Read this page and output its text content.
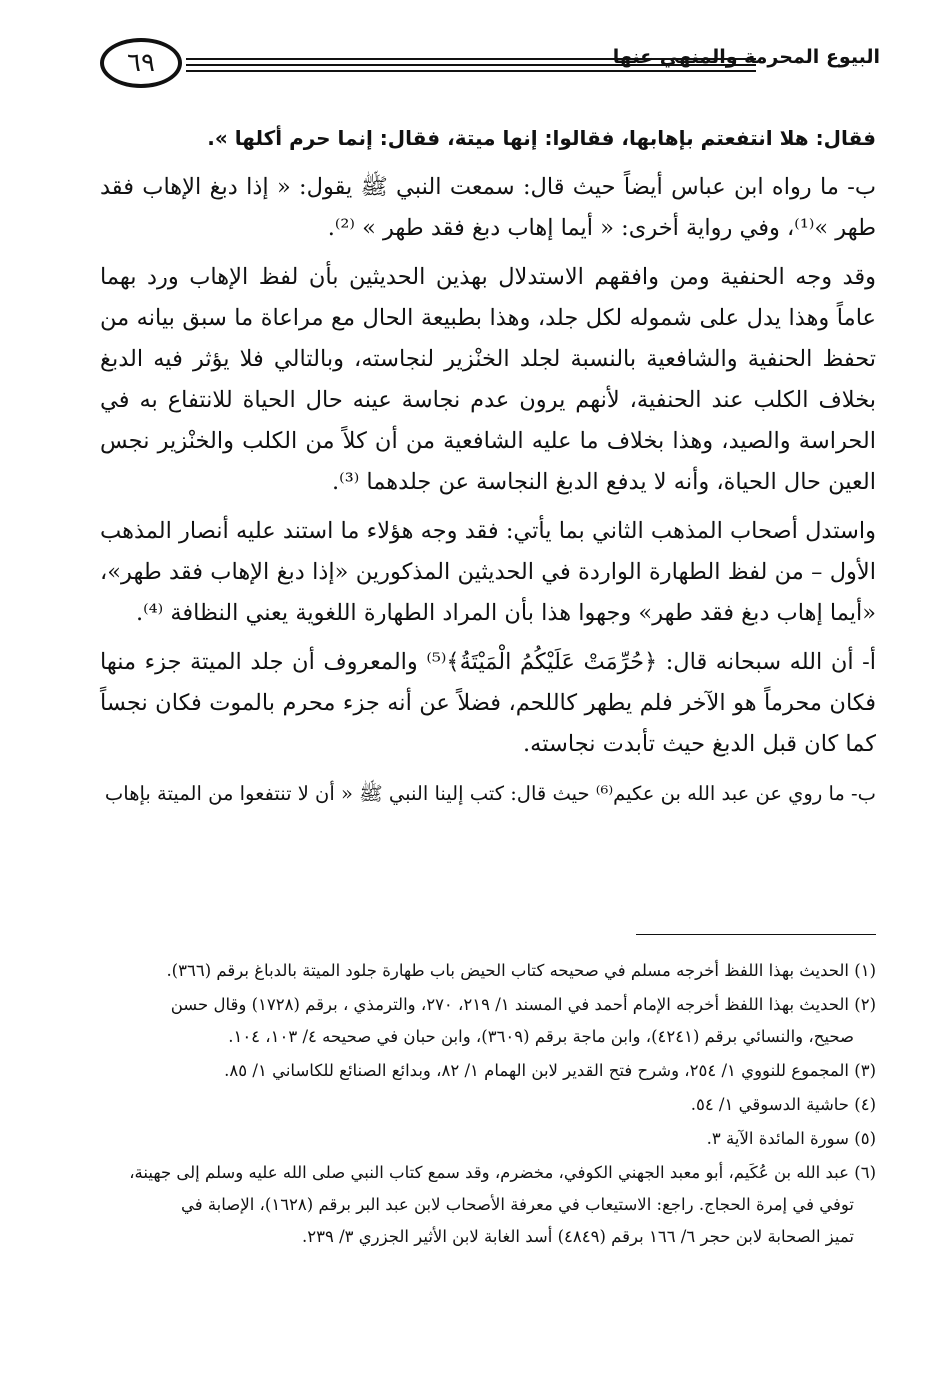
٦٩	البيوع المحرمة والمنهي عنها

فقال: هلا انتفعتم بإهابها، فقالوا: إنها ميتة، فقال: إنما حرم أكلها ».

ب- ما رواه ابن عباس أيضاً حيث قال: سمعت النبي ﷺ يقول: « إذا دبغ الإهاب فقد طهر »⁽¹⁾، وفي رواية أخرى: « أيما إهاب دبغ فقد طهر » ⁽²⁾.

وقد وجه الحنفية ومن وافقهم الاستدلال بهذين الحديثين بأن لفظ الإهاب ورد بهما عاماً وهذا يدل على شموله لكل جلد، وهذا بطبيعة الحال مع مراعاة ما سبق بيانه من تحفظ الحنفية والشافعية بالنسبة لجلد الخنْزير لنجاسته، وبالتالي فلا يؤثر فيه الدبغ بخلاف الكلب عند الحنفية، لأنهم يرون عدم نجاسة عينه حال الحياة للانتفاع به في الحراسة والصيد، وهذا بخلاف ما عليه الشافعية من أن كلاً من الكلب والخنْزير نجس العين حال الحياة، وأنه لا يدفع الدبغ النجاسة عن جلدهما ⁽³⁾.

واستدل أصحاب المذهب الثاني بما يأتي: فقد وجه هؤلاء ما استند عليه أنصار المذهب الأول – من لفظ الطهارة الواردة في الحديثين المذكورين «إذا دبغ الإهاب فقد طهر»، «أيما إهاب دبغ فقد طهر» وجهوا هذا بأن المراد الطهارة اللغوية يعني النظافة ⁽⁴⁾.

أ- أن الله سبحانه قال: ﴿حُرِّمَتْ عَلَيْكُمُ الْمَيْتَةُ﴾⁽⁵⁾ والمعروف أن جلد الميتة جزء منها فكان محرماً هو الآخر فلم يطهر كاللحم، فضلاً عن أنه جزء محرم بالموت فكان نجساً كما كان قبل الدبغ حيث تأبدت نجاسته.

ب- ما روي عن عبد الله بن عكيم⁽⁶⁾ حيث قال: كتب إلينا النبي ﷺ « أن لا تنتفعوا من الميتة بإهاب

(١) الحديث بهذا اللفظ أخرجه مسلم في صحيحه كتاب الحيض باب طهارة جلود الميتة بالدباغ برقم (٣٦٦).
(٢) الحديث بهذا اللفظ أخرجه الإمام أحمد في المسند ١/ ٢١٩، ٢٧٠، والترمذي ، برقم (١٧٢٨) وقال حسن
صحيح، والنسائي برقم (٤٢٤١)، وابن ماجة برقم (٣٦٠٩)، وابن حبان في صحيحه ٤/ ١٠٣، ١٠٤.
(٣) المجموع للنووي ١/ ٢٥٤، وشرح فتح القدير لابن الهمام ١/ ٨٢، وبدائع الصنائع للكاساني ١/ ٨٥.
(٤) حاشية الدسوقي ١/ ٥٤.
(٥) سورة المائدة الآية ٣.
(٦) عبد الله بن عُكَيم، أبو معبد الجهني الكوفي، مخضرم، وقد سمع كتاب النبي صلى الله عليه وسلم إلى جهينة،
توفي في إمرة الحجاج. راجع: الاستيعاب في معرفة الأصحاب لابن عبد البر برقم (١٦٢٨)، الإصابة في
تميز الصحابة لابن حجر ٦/ ١٦٦ برقم (٤٨٤٩) أسد الغابة لابن الأثير الجزري ٣/ ٢٣٩.
